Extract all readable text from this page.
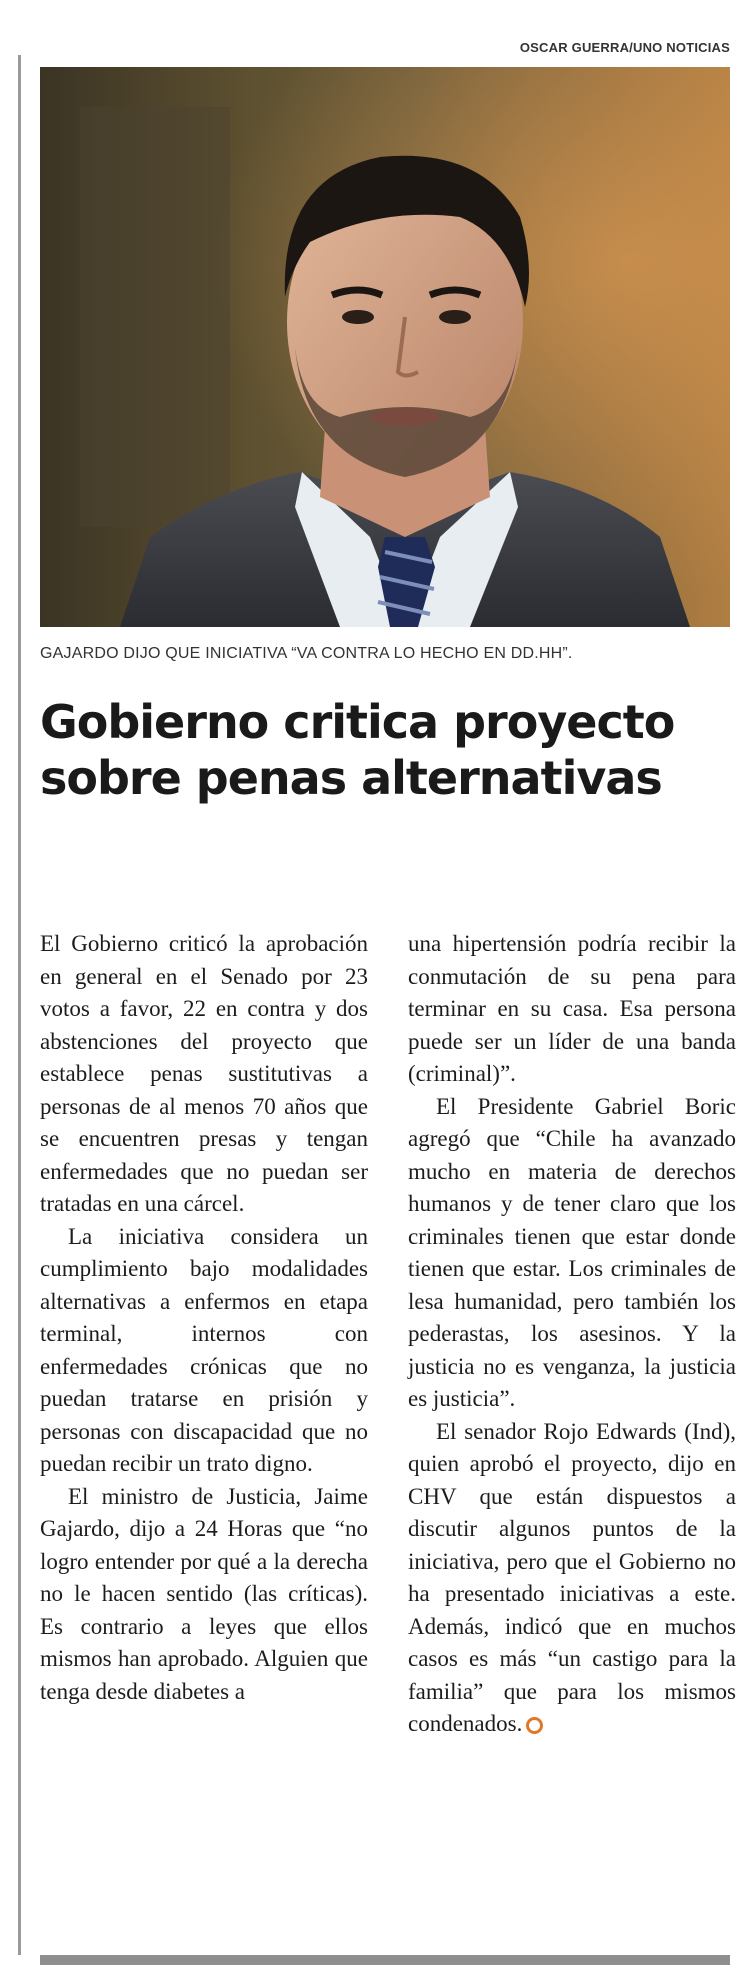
OSCAR GUERRA/UNO NOTICIAS
GAJARDO DIJO QUE INICIATIVA “VA CONTRA LO HECHO EN DD.HH”.
Gobierno critica proyecto sobre penas alternativas

El Gobierno criticó la aprobación en general en el Senado por 23 votos a favor, 22 en contra y dos abstenciones del proyecto que establece penas sustitutivas a personas de al menos 70 años que se encuentren presas y tengan enfermedades que no puedan ser tratadas en una cárcel.

La iniciativa considera un cumplimiento bajo modalidades alternativas a enfermos en etapa terminal, internos con enfermedades crónicas que no puedan tratarse en prisión y personas con discapacidad que no puedan recibir un trato digno.

El ministro de Justicia, Jaime Gajardo, dijo a 24 Horas que “no logro entender por qué a la derecha no le hacen sentido (las críticas). Es contrario a leyes que ellos mismos han aprobado. Alguien que tenga desde diabetes a

una hipertensión podría recibir la conmutación de su pena para terminar en su casa. Esa persona puede ser un líder de una banda (criminal)”.

El Presidente Gabriel Boric agregó que “Chile ha avanzado mucho en materia de derechos humanos y de tener claro que los criminales tienen que estar donde tienen que estar. Los criminales de lesa humanidad, pero también los pederastas, los asesinos. Y la justicia no es venganza, la justicia es justicia”.

El senador Rojo Edwards (Ind), quien aprobó el proyecto, dijo en CHV que están dispuestos a discutir algunos puntos de la iniciativa, pero que el Gobierno no ha presentado iniciativas a este. Además, indicó que en muchos casos es más “un castigo para la familia” que para los mismos condenados.
